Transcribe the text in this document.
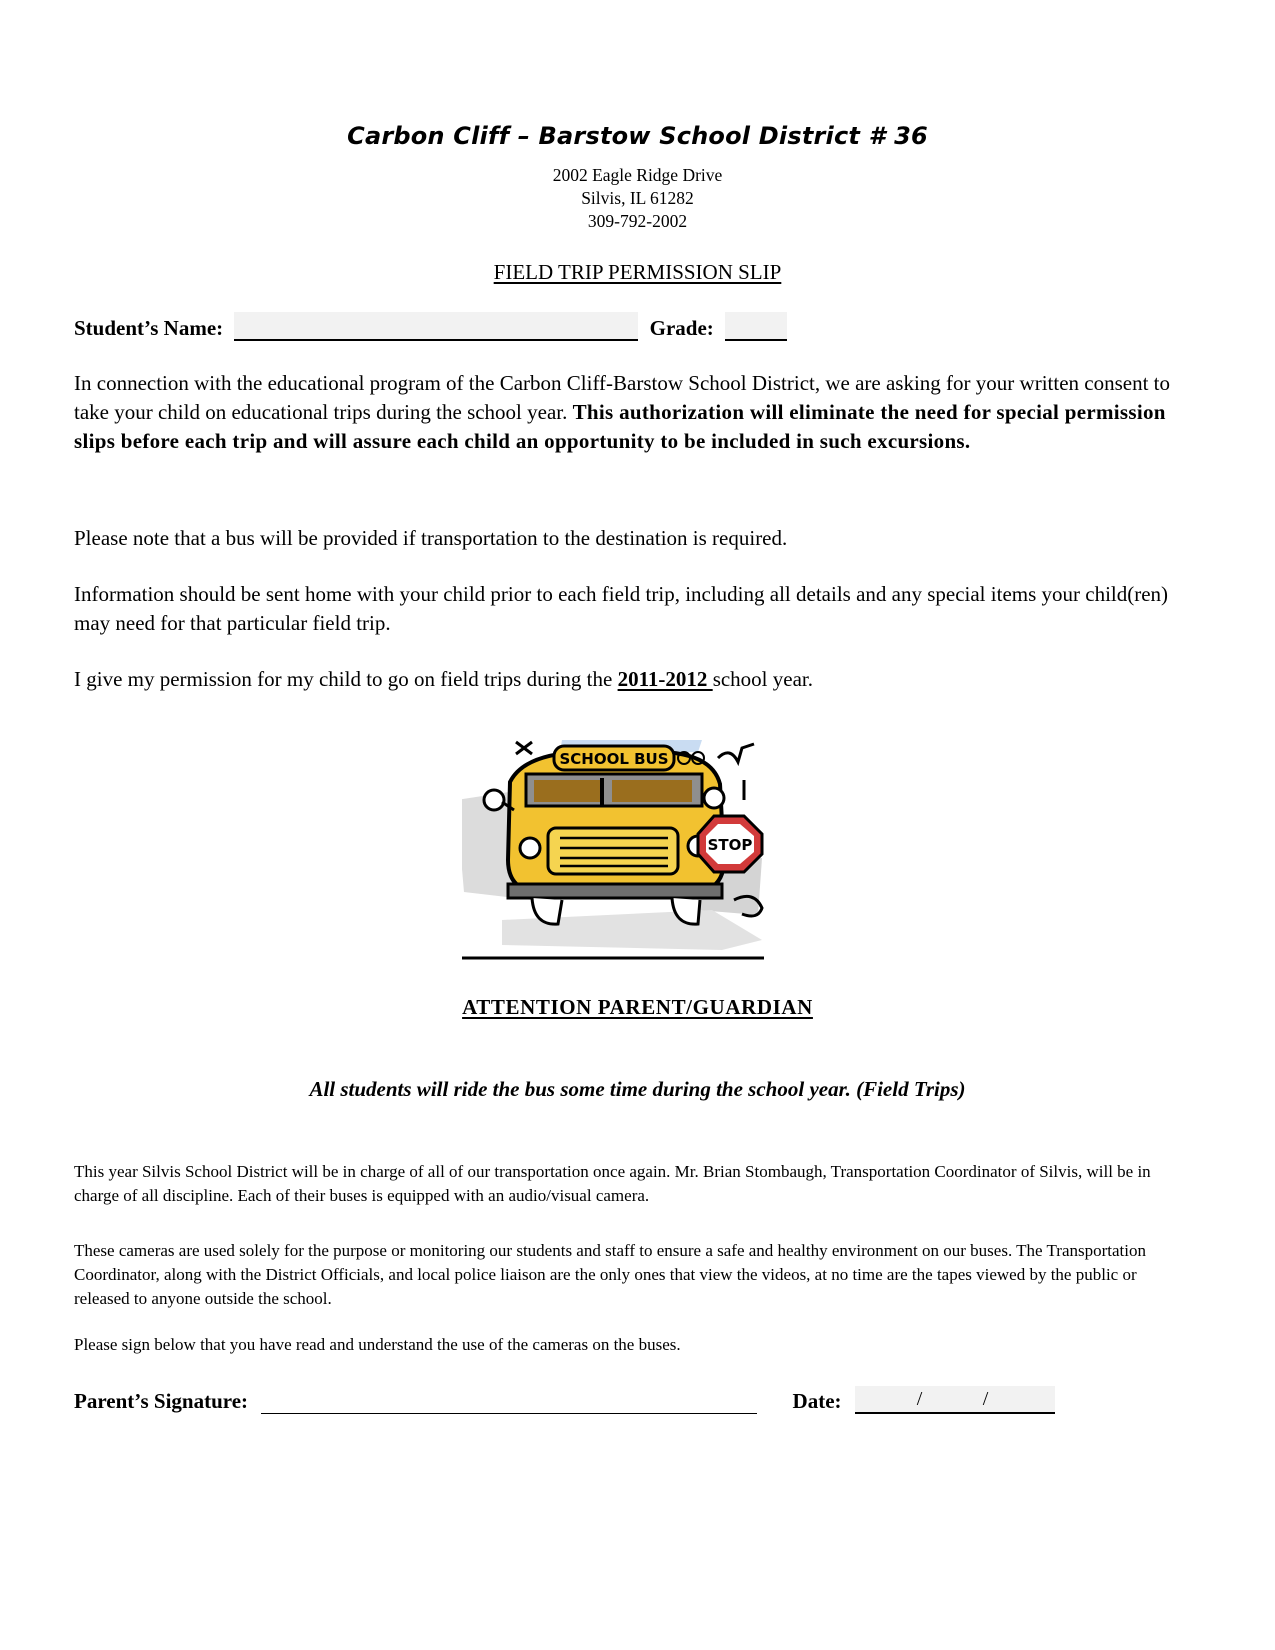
Carbon Cliff – Barstow School District # 36
2002 Eagle Ridge Drive
Silvis, IL 61282
309-792-2002
FIELD TRIP PERMISSION SLIP
Student’s Name:	Grade:
In connection with the educational program of the Carbon Cliff-Barstow School District, we are asking for your written consent to take your child on educational trips during the school year. This authorization will eliminate the need for special permission slips before each trip and will assure each child an opportunity to be included in such excursions.
Please note that a bus will be provided if transportation to the destination is required.
Information should be sent home with your child prior to each field trip, including all details and any special items your child(ren) may need for that particular field trip.
I give my permission for my child to go on field trips during the 2011-2012 school year.
SCHOOL BUS
STOP
ATTENTION PARENT/GUARDIAN
All students will ride the bus some time during the school year. (Field Trips)
This year Silvis School District will be in charge of all of our transportation once again. Mr. Brian Stombaugh, Transportation Coordinator of Silvis, will be in charge of all discipline. Each of their buses is equipped with an audio/visual camera.
These cameras are used solely for the purpose or monitoring our students and staff to ensure a safe and healthy environment on our buses. The Transportation Coordinator, along with the District Officials, and local police liaison are the only ones that view the videos, at no time are the tapes viewed by the public or released to anyone outside the school.
Please sign below that you have read and understand the use of the cameras on the buses.
Parent’s Signature:	Date:	/	/
